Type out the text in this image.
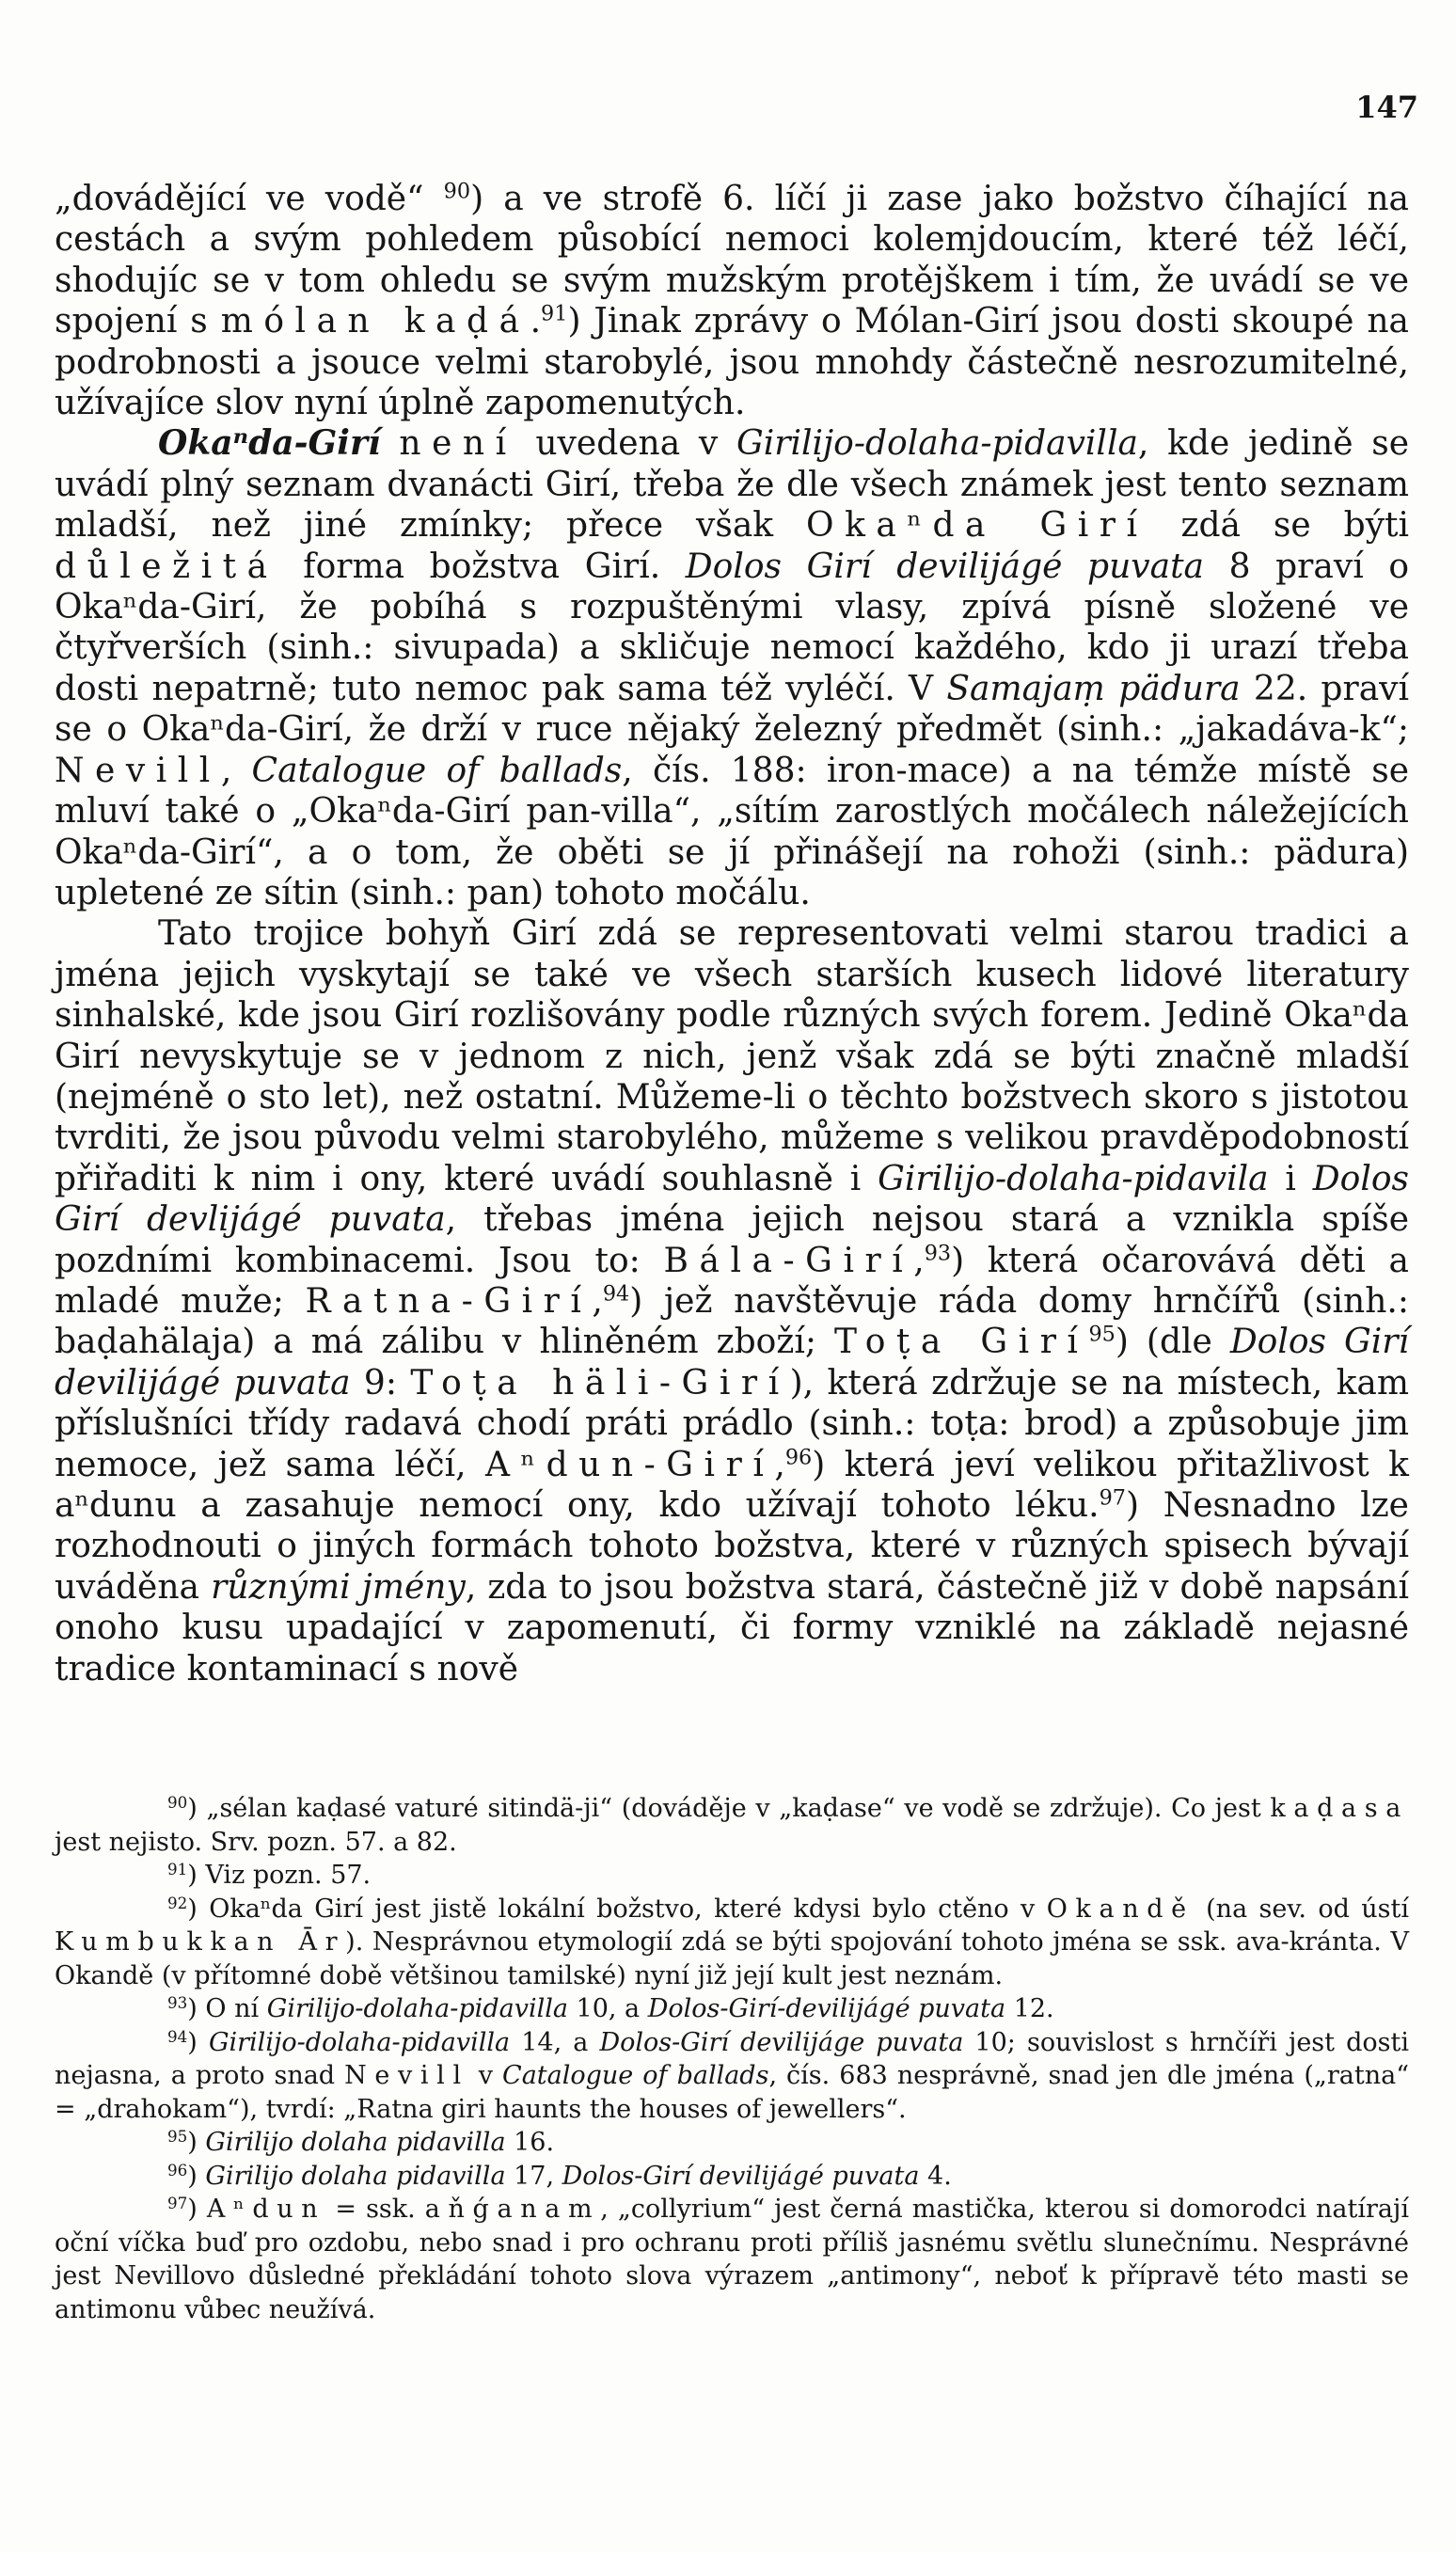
147

„dovádějící ve vodě“ $^{90}$) a ve strofě 6. líčí ji zase jako božstvo číhající na cestách a svým pohledem působící nemoci kolemjdoucím, které též léčí, shodujíc se v tom ohledu se svým mužským protějškem i tím, že uvádí se ve spojení s mólan kaḍá.$^{91}$) Jinak zprávy o Mólan-Girí jsou dosti skoupé na podrobnosti a jsouce velmi starobylé, jsou mnohdy částečně nesrozumitelné, užívajíce slov nyní úplně zapomenutých.

Okaⁿda-Girí není uvedena v Girilijo-dolaha-pidavilla, kde jedině se uvádí plný seznam dvanácti Girí, třeba že dle všech známek jest tento seznam mladší, než jiné zmínky; přece však Okaⁿda Girí zdá se býti důležitá forma božstva Girí. Dolos Girí devilijágé puvata 8 praví o Okaⁿda-Girí, že pobíhá s rozpuštěnými vlasy, zpívá písně složené ve čtyřverších (sinh.: sivupada) a skličuje nemocí každého, kdo ji urazí třeba dosti nepatrně; tuto nemoc pak sama též vyléčí. V Samajaṃ pädura 22. praví se o Okaⁿda-Girí, že drží v ruce nějaký železný předmět (sinh.: „jakadáva-k“; Nevill, Catalogue of ballads, čís. 188: iron-mace) a na témže místě se mluví také o „Okaⁿda-Girí pan-villa“, „sítím zarostlých močálech náležejících Okaⁿda-Girí“, a o tom, že oběti se jí přinášejí na rohoži (sinh.: pädura) upletené ze sítin (sinh.: pan) tohoto močálu.

Tato trojice bohyň Girí zdá se representovati velmi starou tradici a jména jejich vyskytají se také ve všech starších kusech lidové literatury sinhalské, kde jsou Girí rozlišovány podle různých svých forem. Jedině Okaⁿda Girí nevyskytuje se v jednom z nich, jenž však zdá se býti značně mladší (nejméně o sto let), než ostatní. Můžeme-li o těchto božstvech skoro s jistotou tvrditi, že jsou původu velmi starobylého, můžeme s velikou pravděpodobností přiřaditi k nim i ony, které uvádí souhlasně i Girilijo-dolaha-pidavila i Dolos Girí devlijágé puvata, třebas jména jejich nejsou stará a vznikla spíše pozdními kombinacemi. Jsou to: Bála-Girí,$^{93}$) která očarovává děti a mladé muže; Ratna-Girí,$^{94}$) jež navštěvuje ráda domy hrnčířů (sinh.: baḍahälaja) a má zálibu v hliněném zboží; Toṭa Girí$^{95}$) (dle Dolos Girí devilijágé puvata 9: Toṭa häli-Girí), která zdržuje se na místech, kam příslušníci třídy radavá chodí práti prádlo (sinh.: toṭa: brod) a způsobuje jim nemoce, jež sama léčí, Aⁿdun-Girí,$^{96}$) která jeví velikou přitažlivost k aⁿdunu a zasahuje nemocí ony, kdo užívají tohoto léku.$^{97}$) Nesnadno lze rozhodnouti o jiných formách tohoto božstva, které v různých spisech bývají uváděna různými jmény, zda to jsou božstva stará, částečně již v době napsání onoho kusu upadající v zapomenutí, či formy vzniklé na základě nejasné tradice kontaminací s nově

$^{90}$) „sélan kaḍasé vaturé sitindä-ji“ (dováděje v „kaḍase“ ve vodě se zdržuje). Co jest kaḍasa jest nejisto. Srv. pozn. 57. a 82.

$^{91}$) Viz pozn. 57.

$^{92}$) Okaⁿda Girí jest jistě lokální božstvo, které kdysi bylo ctěno v Okandě (na sev. od ústí Kumbukkan Ār). Nesprávnou etymologií zdá se býti spojování tohoto jména se ssk. ava-kránta. V Okandě (v přítomné době většinou tamilské) nyní již její kult jest neznám.

$^{93}$) O ní Girilijo-dolaha-pidavilla 10, a Dolos-Girí-devilijágé puvata 12.

$^{94}$) Girilijo-dolaha-pidavilla 14, a Dolos-Girí devilijáge puvata 10; souvislost s hrnčíři jest dosti nejasna, a proto snad Nevill v Catalogue of ballads, čís. 683 nesprávně, snad jen dle jména („ratna“ = „drahokam“), tvrdí: „Ratna giri haunts the houses of jewellers“.

$^{95}$) Girilijo dolaha pidavilla 16.

$^{96}$) Girilijo dolaha pidavilla 17, Dolos-Girí devilijágé puvata 4.

$^{97}$) Aⁿdun = ssk. aňǵanam, „collyrium“ jest černá mastička, kterou si domorodci natírají oční víčka buď pro ozdobu, nebo snad i pro ochranu proti příliš jasnému světlu slunečnímu. Nesprávné jest Nevillovo důsledné překládání tohoto slova výrazem „antimony“, neboť k přípravě této masti se antimonu vůbec neužívá.
